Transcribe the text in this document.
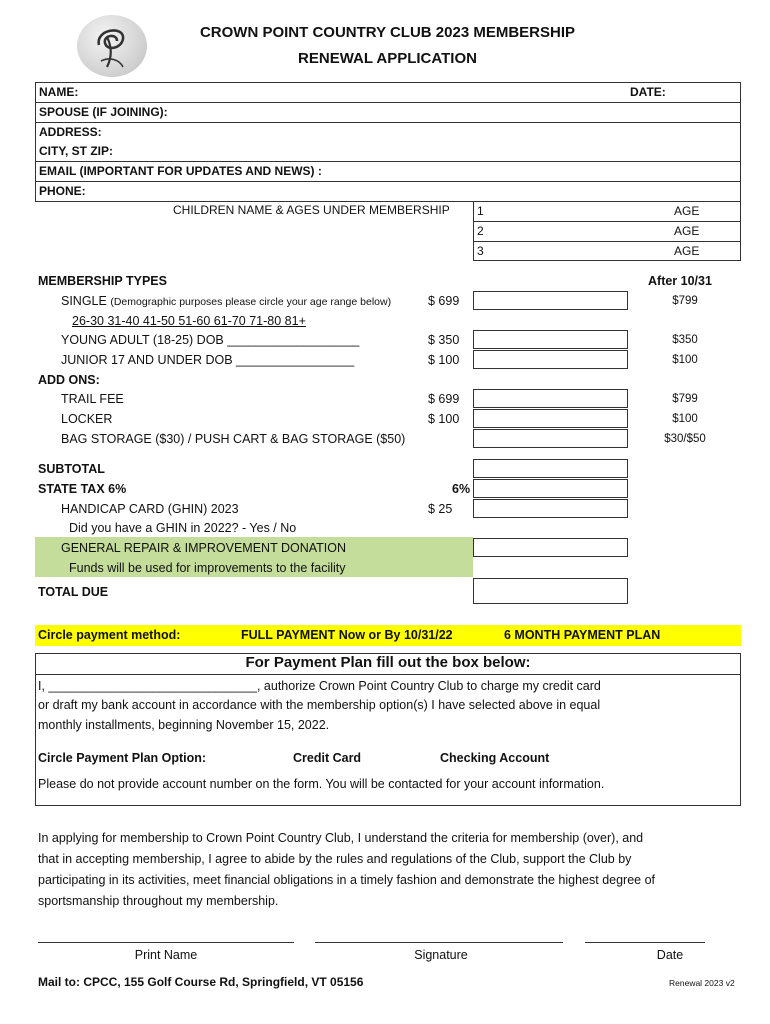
CROWN POINT COUNTRY CLUB 2023 MEMBERSHIP
RENEWAL APPLICATION
NAME:	DATE:
SPOUSE (IF JOINING):
ADDRESS:
CITY, ST ZIP:
EMAIL (IMPORTANT FOR UPDATES AND NEWS) :
PHONE:
CHILDREN NAME & AGES UNDER MEMBERSHIP 1	AGE
2	AGE
3	AGE
MEMBERSHIP TYPES	After 10/31
SINGLE (Demographic purposes please circle your age range below)	$ 699	$799
26-30 31-40 41-50 51-60 61-70 71-80 81+
YOUNG ADULT (18-25) DOB ___________________	$ 350	$350
JUNIOR 17 AND UNDER DOB _________________	$ 100	$100
ADD ONS:
TRAIL FEE	$ 699	$799
LOCKER	$ 100	$100
BAG STORAGE ($30) / PUSH CART & BAG STORAGE ($50)	$30/$50
SUBTOTAL
STATE TAX 6%	6%
HANDICAP CARD (GHIN) 2023	$ 25
Did you have a GHIN in 2022? - Yes / No
GENERAL REPAIR & IMPROVEMENT DONATION
Funds will be used for improvements to the facility
TOTAL DUE
Circle payment method:	FULL PAYMENT Now or By 10/31/22	6 MONTH PAYMENT PLAN
For Payment Plan fill out the box below:
I, ______________________________, authorize Crown Point Country Club to charge my credit card
or draft my bank account in accordance with the membership option(s) I have selected above in equal
monthly installments, beginning November 15, 2022.
Circle Payment Plan Option:	Credit Card	Checking Account
Please do not provide account number on the form. You will be contacted for your account information.
In applying for membership to Crown Point Country Club, I understand the criteria for membership (over), and
that in accepting membership, I agree to abide by the rules and regulations of the Club, support the Club by
participating in its activities, meet financial obligations in a timely fashion and demonstrate the highest degree of
sportsmanship throughout my membership.
Print Name	Signature	Date
Mail to: CPCC, 155 Golf Course Rd, Springfield, VT 05156	Renewal 2023 v2
